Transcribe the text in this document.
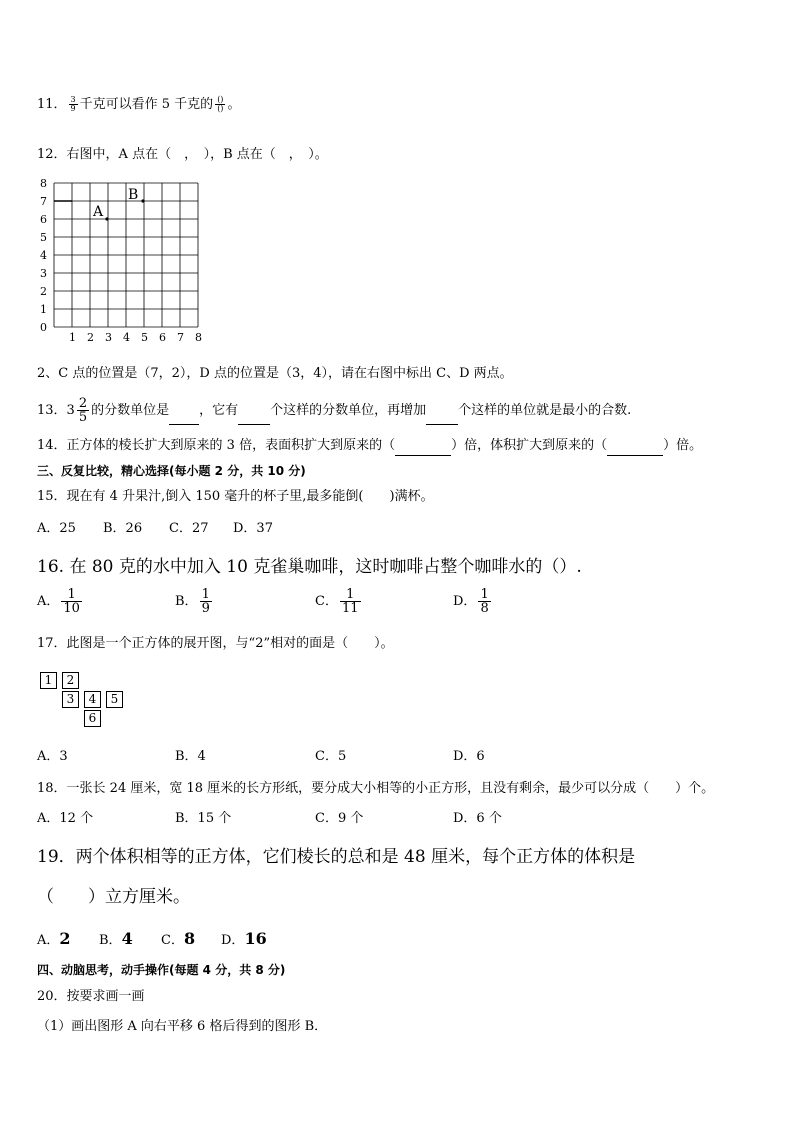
11． $\frac{3}{9}$ 千克可以看作 5 千克的 $\frac{()}{()}$ 。
12．右图中，A 点在（　，　），B 点在（　，　）。
8
7
6
5
4
3
2
1
0
1 2 3 4 5 6 7 8
A
B
2、C 点的位置是（7，2），D 点的位置是（3，4），请在右图中标出 C、D 两点。
13．$3 \frac{2}{5}$ 的分数单位是 ，它有 个这样的分数单位，再增加 个这样的单位就是最小的合数.
14．正方体的棱长扩大到原来的 3 倍，表面积扩大到原来的（	）倍，体积扩大到原来的（	）倍。
三、反复比较，精心选择(每小题 2 分，共 10 分)
15．现在有 4 升果汁,倒入 150 毫升的杯子里,最多能倒(　　)满杯。
A．25 B．26 C．27 D．37
16. 在 80 克的水中加入 10 克雀巢咖啡，这时咖啡占整个咖啡水的（）.
A． $\frac{1}{10}$	B． $\frac{1}{9}$	C． $\frac{1}{11}$	D． $\frac{1}{8}$
17．此图是一个正方体的展开图，与“2”相对的面是（　　）。
1	2
3	4	5
6
A．3	B．4	C．5	D．6
18．一张长 24 厘米，宽 18 厘米的长方形纸，要分成大小相等的小正方形，且没有剩余，最少可以分成（　　）个。
A．12 个	B．15 个	C．9 个	D．6 个
19．两个体积相等的正方体，它们棱长的总和是 48 厘米，每个正方体的体积是
（　　）立方厘米。
A．2 B．4 C．8 D．16
四、动脑思考，动手操作(每题 4 分，共 8 分)
20．按要求画一画
（1）画出图形 A 向右平移 6 格后得到的图形 B．
